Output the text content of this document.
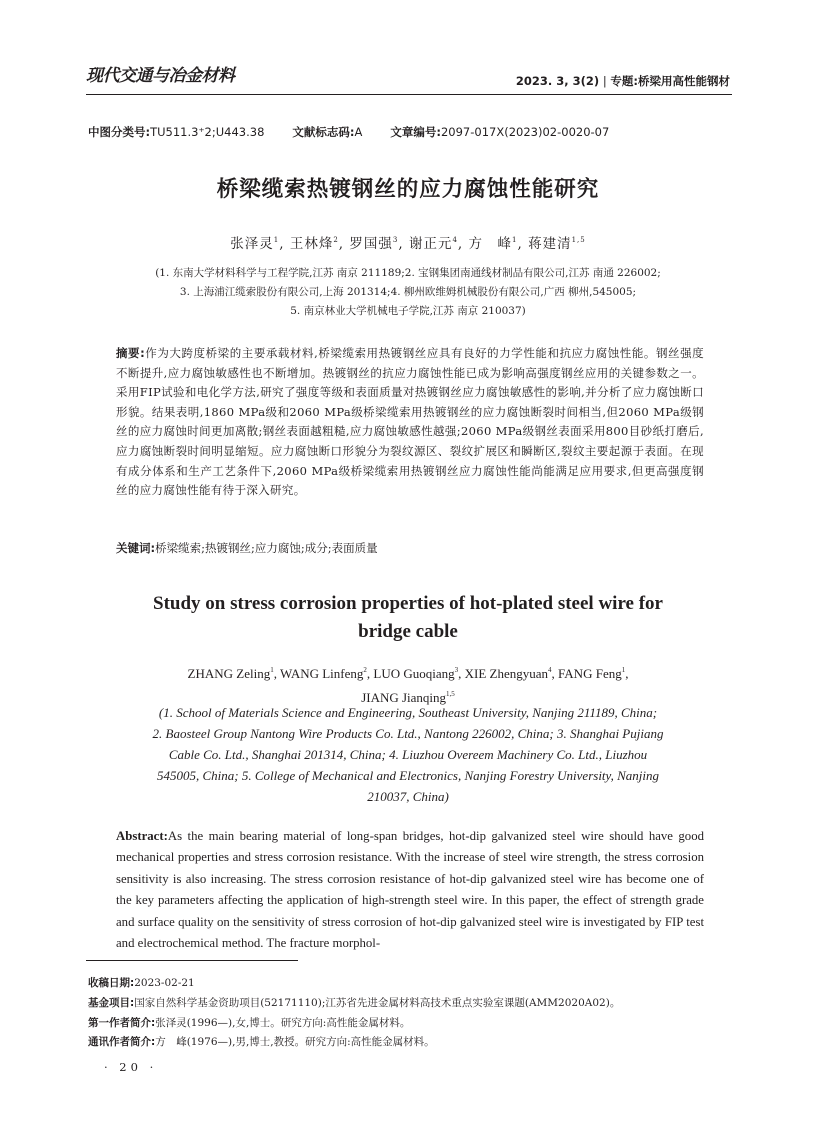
现代交通与冶金材料	2023. 3, 3(2) | 专题:桥梁用高性能钢材
中图分类号:TU511.3⁺2;U443.38 文献标志码:A 文章编号:2097-017X(2023)02-0020-07
桥梁缆索热镀钢丝的应力腐蚀性能研究
张泽灵$^1$, 王林烽$^2$, 罗国强$^3$, 谢正元$^4$, 方　峰$^1$, 蒋建清$^{1,5}$
(1. 东南大学材料科学与工程学院,江苏 南京 211189;2. 宝钢集团南通线材制品有限公司,江苏 南通 226002;
3. 上海浦江缆索股份有限公司,上海 201314;4. 柳州欧维姆机械股份有限公司,广西 柳州,545005;
5. 南京林业大学机械电子学院,江苏 南京 210037)
摘要:作为大跨度桥梁的主要承载材料,桥梁缆索用热镀钢丝应具有良好的力学性能和抗应力腐蚀性能。钢丝强度不断提升,应力腐蚀敏感性也不断增加。热镀钢丝的抗应力腐蚀性能已成为影响高强度钢丝应用的关键参数之一。采用FIP试验和电化学方法,研究了强度等级和表面质量对热镀钢丝应力腐蚀敏感性的影响,并分析了应力腐蚀断口形貌。结果表明,1860 MPa级和2060 MPa级桥梁缆索用热镀钢丝的应力腐蚀断裂时间相当,但2060 MPa级钢丝的应力腐蚀时间更加离散;钢丝表面越粗糙,应力腐蚀敏感性越强;2060 MPa级钢丝表面采用800目砂纸打磨后,应力腐蚀断裂时间明显缩短。应力腐蚀断口形貌分为裂纹源区、裂纹扩展区和瞬断区,裂纹主要起源于表面。在现有成分体系和生产工艺条件下,2060 MPa级桥梁缆索用热镀钢丝应力腐蚀性能尚能满足应用要求,但更高强度钢丝的应力腐蚀性能有待于深入研究。
关键词:桥梁缆索;热镀钢丝;应力腐蚀;成分;表面质量
Study on stress corrosion properties of hot-plated steel wire for
bridge cable
ZHANG Zeling$^1$, WANG Linfeng$^2$, LUO Guoqiang$^3$, XIE Zhengyuan$^4$, FANG Feng$^1$,
JIANG Jianqing$^{1,5}$
(1. School of Materials Science and Engineering, Southeast University, Nanjing 211189, China;
2. Baosteel Group Nantong Wire Products Co. Ltd., Nantong 226002, China; 3. Shanghai Pujiang
Cable Co. Ltd., Shanghai 201314, China; 4. Liuzhou Overeem Machinery Co. Ltd., Liuzhou
545005, China; 5. College of Mechanical and Electronics, Nanjing Forestry University, Nanjing
210037, China)
Abstract:As the main bearing material of long-span bridges, hot-dip galvanized steel wire should have good mechanical properties and stress corrosion resistance. With the increase of steel wire strength, the stress corrosion sensitivity is also increasing. The stress corrosion resistance of hot-dip galvanized steel wire has become one of the key parameters affecting the application of high-strength steel wire. In this paper, the effect of strength grade and surface quality on the sensitivity of stress corrosion of hot-dip galvanized steel wire is investigated by FIP test and electrochemical method. The fracture morphol-
收稿日期:2023-02-21
基金项目:国家自然科学基金资助项目(52171110);江苏省先进金属材料高技术重点实验室课题(AMM2020A02)。
第一作者简介:张泽灵(1996—),女,博士。研究方向:高性能金属材料。
通讯作者简介:方　峰(1976—),男,博士,教授。研究方向:高性能金属材料。
· 20 ·
